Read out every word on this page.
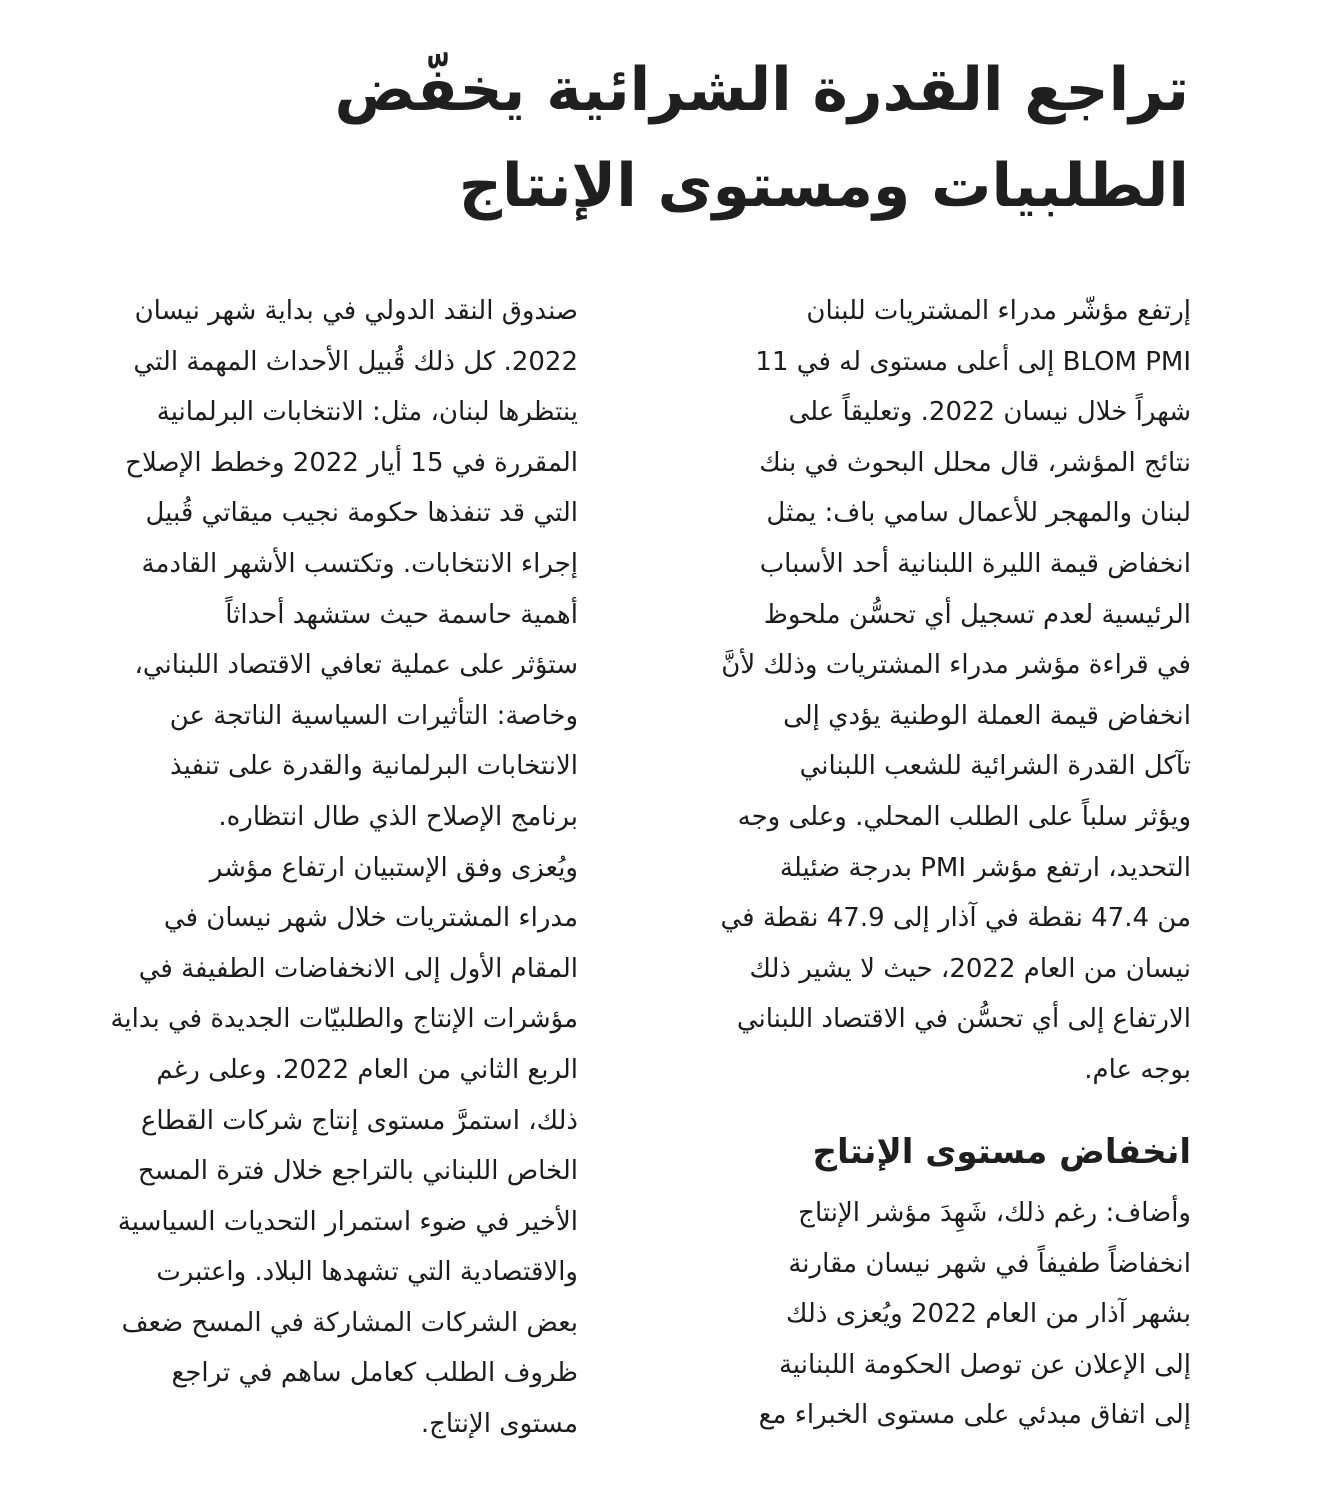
تراجع القدرة الشرائية يخفّض
الطلبيات ومستوى الإنتاج
إرتفع مؤشّر مدراء المشتريات للبنان
BLOM PMI إلى أعلى مستوى له في 11
شهراً خلال نيسان 2022. وتعليقاً على
نتائج المؤشر، قال محلل البحوث في بنك
لبنان والمهجر للأعمال سامي باف: يمثل
انخفاض قيمة الليرة اللبنانية أحد الأسباب
الرئيسية لعدم تسجيل أي تحسُّن ملحوظ
في قراءة مؤشر مدراء المشتريات وذلك لأنَّ
انخفاض قيمة العملة الوطنية يؤدي إلى
تآكل القدرة الشرائية للشعب اللبناني
ويؤثر سلباً على الطلب المحلي. وعلى وجه
التحديد، ارتفع مؤشر PMI بدرجة ضئيلة
من 47.4 نقطة في آذار إلى 47.9 نقطة في
نيسان من العام 2022، حيث لا يشير ذلك
الارتفاع إلى أي تحسُّن في الاقتصاد اللبناني
بوجه عام.
انخفاض مستوى الإنتاج
وأضاف: رغم ذلك، شَهِدَ مؤشر الإنتاج
انخفاضاً طفيفاً في شهر نيسان مقارنة
بشهر آذار من العام 2022 ويُعزى ذلك
إلى الإعلان عن توصل الحكومة اللبنانية
إلى اتفاق مبدئي على مستوى الخبراء مع
صندوق النقد الدولي في بداية شهر نيسان
2022. كل ذلك قُبيل الأحداث المهمة التي
ينتظرها لبنان، مثل: الانتخابات البرلمانية
المقررة في 15 أيار 2022 وخطط الإصلاح
التي قد تنفذها حكومة نجيب ميقاتي قُبيل
إجراء الانتخابات. وتكتسب الأشهر القادمة
أهمية حاسمة حيث ستشهد أحداثاً
ستؤثر على عملية تعافي الاقتصاد اللبناني،
وخاصة: التأثيرات السياسية الناتجة عن
الانتخابات البرلمانية والقدرة على تنفيذ
برنامج الإصلاح الذي طال انتظاره.
ويُعزى وفق الإستبيان ارتفاع مؤشر
مدراء المشتريات خلال شهر نيسان في
المقام الأول إلى الانخفاضات الطفيفة في
مؤشرات الإنتاج والطلبيّات الجديدة في بداية
الربع الثاني من العام 2022. وعلى رغم
ذلك، استمرَّ مستوى إنتاج شركات القطاع
الخاص اللبناني بالتراجع خلال فترة المسح
الأخير في ضوء استمرار التحديات السياسية
والاقتصادية التي تشهدها البلاد. واعتبرت
بعض الشركات المشاركة في المسح ضعف
ظروف الطلب كعامل ساهم في تراجع
مستوى الإنتاج.
